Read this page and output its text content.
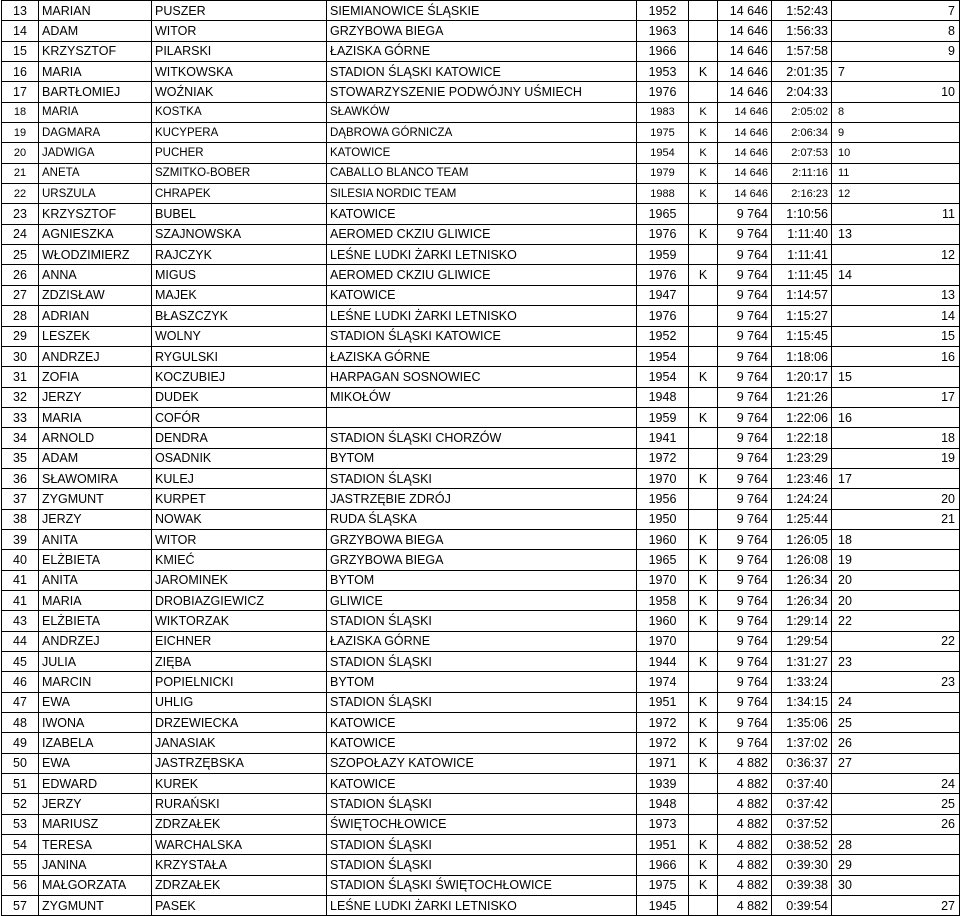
13	MARIAN	PUSZER	SIEMIANOWICE ŚLĄSKIE	1952		14 646	1:52:43	7
14	ADAM	WITOR	GRZYBOWA BIEGA	1963		14 646	1:56:33	8
15	KRZYSZTOF	PILARSKI	ŁAZISKA GÓRNE	1966		14 646	1:57:58	9
16	MARIA	WITKOWSKA	STADION ŚLĄSKI KATOWICE	1953	K	14 646	2:01:35	7
17	BARTŁOMIEJ	WOŹNIAK	STOWARZYSZENIE PODWÓJNY UŚMIECH	1976		14 646	2:04:33	10
18	MARIA	KOSTKA	SŁAWKÓW	1983	K	14 646	2:05:02	8
19	DAGMARA	KUCYPERA	DĄBROWA GÓRNICZA	1975	K	14 646	2:06:34	9
20	JADWIGA	PUCHER	KATOWICE	1954	K	14 646	2:07:53	10
21	ANETA	SZMITKO-BOBER	CABALLO BLANCO TEAM	1979	K	14 646	2:11:16	11
22	URSZULA	CHRAPEK	SILESIA NORDIC TEAM	1988	K	14 646	2:16:23	12
23	KRZYSZTOF	BUBEL	KATOWICE	1965		9 764	1:10:56	11
24	AGNIESZKA	SZAJNOWSKA	AEROMED CKZIU GLIWICE	1976	K	9 764	1:11:40	13
25	WŁODZIMIERZ	RAJCZYK	LEŚNE LUDKI ŻARKI LETNISKO	1959		9 764	1:11:41	12
26	ANNA	MIGUS	AEROMED CKZIU GLIWICE	1976	K	9 764	1:11:45	14
27	ZDZISŁAW	MAJEK	KATOWICE	1947		9 764	1:14:57	13
28	ADRIAN	BŁASZCZYK	LEŚNE LUDKI ŻARKI LETNISKO	1976		9 764	1:15:27	14
29	LESZEK	WOLNY	STADION ŚLĄSKI KATOWICE	1952		9 764	1:15:45	15
30	ANDRZEJ	RYGULSKI	ŁAZISKA GÓRNE	1954		9 764	1:18:06	16
31	ZOFIA	KOCZUBIEJ	HARPAGAN SOSNOWIEC	1954	K	9 764	1:20:17	15
32	JERZY	DUDEK	MIKOŁÓW	1948		9 764	1:21:26	17
33	MARIA	COFÓR		1959	K	9 764	1:22:06	16
34	ARNOLD	DENDRA	STADION ŚLĄSKI CHORZÓW	1941		9 764	1:22:18	18
35	ADAM	OSADNIK	BYTOM	1972		9 764	1:23:29	19
36	SŁAWOMIRA	KULEJ	STADION ŚLĄSKI	1970	K	9 764	1:23:46	17
37	ZYGMUNT	KURPET	JASTRZĘBIE ZDRÓJ	1956		9 764	1:24:24	20
38	JERZY	NOWAK	RUDA ŚLĄSKA	1950		9 764	1:25:44	21
39	ANITA	WITOR	GRZYBOWA BIEGA	1960	K	9 764	1:26:05	18
40	ELŻBIETA	KMIEĆ	GRZYBOWA BIEGA	1965	K	9 764	1:26:08	19
41	ANITA	JAROMINEK	BYTOM	1970	K	9 764	1:26:34	20
41	MARIA	DROBIAZGIEWICZ	GLIWICE	1958	K	9 764	1:26:34	20
43	ELŻBIETA	WIKTORZAK	STADION ŚLĄSKI	1960	K	9 764	1:29:14	22
44	ANDRZEJ	EICHNER	ŁAZISKA GÓRNE	1970		9 764	1:29:54	22
45	JULIA	ZIĘBA	STADION ŚLĄSKI	1944	K	9 764	1:31:27	23
46	MARCIN	POPIELNICKI	BYTOM	1974		9 764	1:33:24	23
47	EWA	UHLIG	STADION ŚLĄSKI	1951	K	9 764	1:34:15	24
48	IWONA	DRZEWIECKA	KATOWICE	1972	K	9 764	1:35:06	25
49	IZABELA	JANASIAK	KATOWICE	1972	K	9 764	1:37:02	26
50	EWA	JASTRZĘBSKA	SZOPOŁAZY KATOWICE	1971	K	4 882	0:36:37	27
51	EDWARD	KUREK	KATOWICE	1939		4 882	0:37:40	24
52	JERZY	RURAŃSKI	STADION ŚLĄSKI	1948		4 882	0:37:42	25
53	MARIUSZ	ZDRZAŁEK	ŚWIĘTOCHŁOWICE	1973		4 882	0:37:52	26
54	TERESA	WARCHALSKA	STADION ŚLĄSKI	1951	K	4 882	0:38:52	28
55	JANINA	KRZYSTAŁA	STADION ŚLĄSKI	1966	K	4 882	0:39:30	29
56	MAŁGORZATA	ZDRZAŁEK	STADION ŚLĄSKI ŚWIĘTOCHŁOWICE	1975	K	4 882	0:39:38	30
57	ZYGMUNT	PASEK	LEŚNE LUDKI ŻARKI LETNISKO	1945		4 882	0:39:54	27
